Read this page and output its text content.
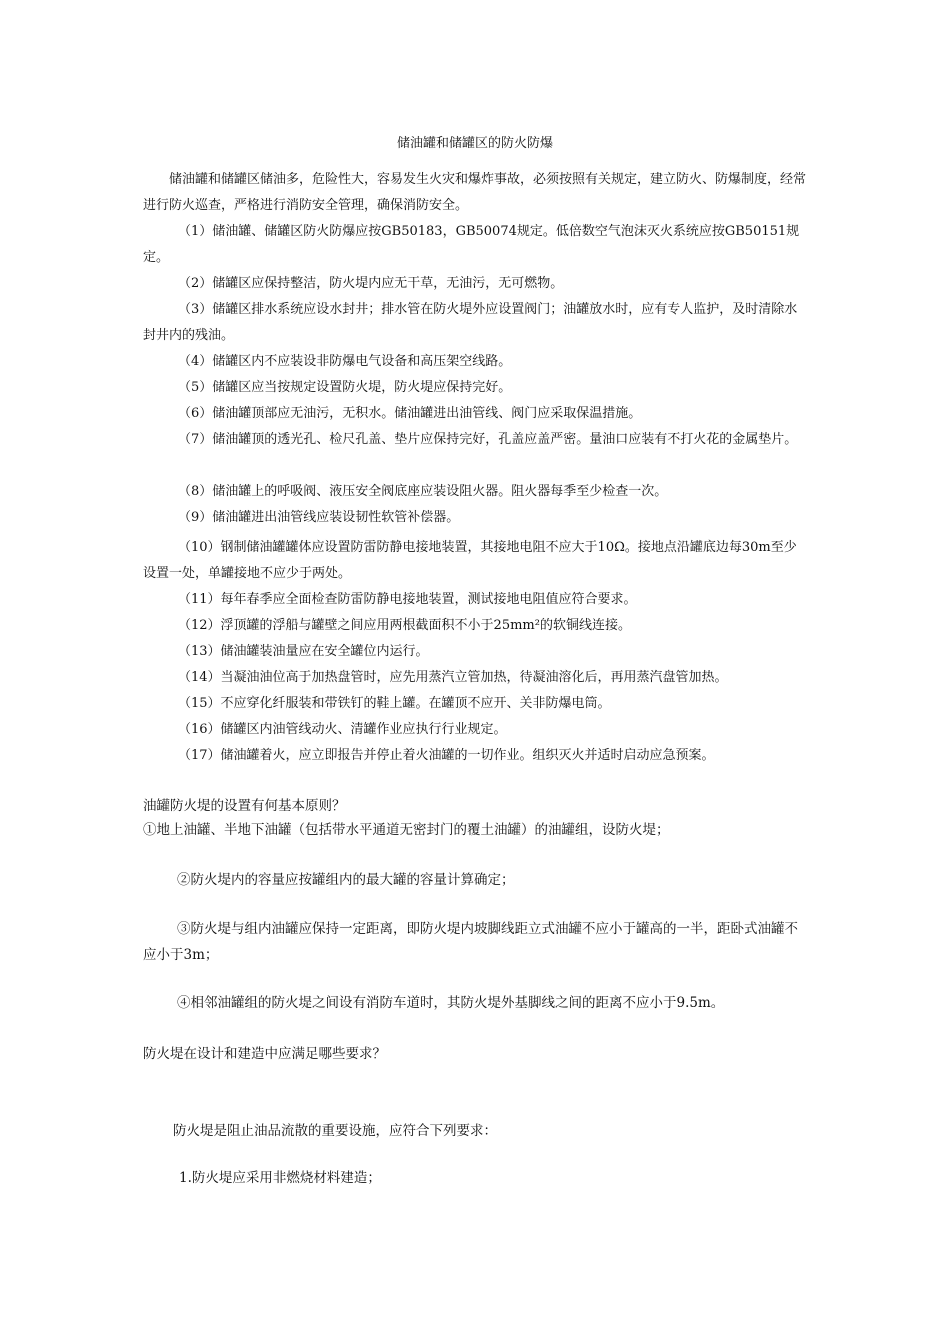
储油罐和储罐区的防火防爆

储油罐和储罐区储油多，危险性大，容易发生火灾和爆炸事故，必须按照有关规定，建立防火、防爆制度，经常进行防火巡查，严格进行消防安全管理，确保消防安全。

（1）储油罐、储罐区防火防爆应按GB50183，GB50074规定。低倍数空气泡沫灭火系统应按GB50151规定。

（2）储罐区应保持整洁，防火堤内应无干草，无油污，无可燃物。

（3）储罐区排水系统应设水封井；排水管在防火堤外应设置阀门；油罐放水时，应有专人监护，及时清除水封井内的残油。

（4）储罐区内不应装设非防爆电气设备和高压架空线路。

（5）储罐区应当按规定设置防火堤，防火堤应保持完好。

（6）储油罐顶部应无油污，无积水。储油罐进出油管线、阀门应采取保温措施。

（7）储油罐顶的透光孔、检尺孔盖、垫片应保持完好，孔盖应盖严密。量油口应装有不打火花的金属垫片。

（8）储油罐上的呼吸阀、液压安全阀底座应装设阻火器。阻火器每季至少检查一次。

（9）储油罐进出油管线应装设韧性软管补偿器。

（10）钢制储油罐罐体应设置防雷防静电接地装置，其接地电阻不应大于10Ω。接地点沿罐底边每30m至少设置一处，单罐接地不应少于两处。

（11）每年春季应全面检查防雷防静电接地装置，测试接地电阻值应符合要求。

（12）浮顶罐的浮船与罐壁之间应用两根截面积不小于25mm²的软铜线连接。

（13）储油罐装油量应在安全罐位内运行。

（14）当凝油油位高于加热盘管时，应先用蒸汽立管加热，待凝油溶化后，再用蒸汽盘管加热。

（15）不应穿化纤服装和带铁钉的鞋上罐。在罐顶不应开、关非防爆电筒。

（16）储罐区内油管线动火、清罐作业应执行行业规定。

（17）储油罐着火，应立即报告并停止着火油罐的一切作业。组织灭火并适时启动应急预案。

油罐防火堤的设置有何基本原则？

①地上油罐、半地下油罐（包括带水平通道无密封门的覆土油罐）的油罐组，设防火堤；

②防火堤内的容量应按罐组内的最大罐的容量计算确定；

③防火堤与组内油罐应保持一定距离，即防火堤内坡脚线距立式油罐不应小于罐高的一半，距卧式油罐不应小于3m；

④相邻油罐组的防火堤之间设有消防车道时，其防火堤外基脚线之间的距离不应小于9.5m。

防火堤在设计和建造中应满足哪些要求？

防火堤是阻止油品流散的重要设施，应符合下列要求：

1.防火堤应采用非燃烧材料建造；
